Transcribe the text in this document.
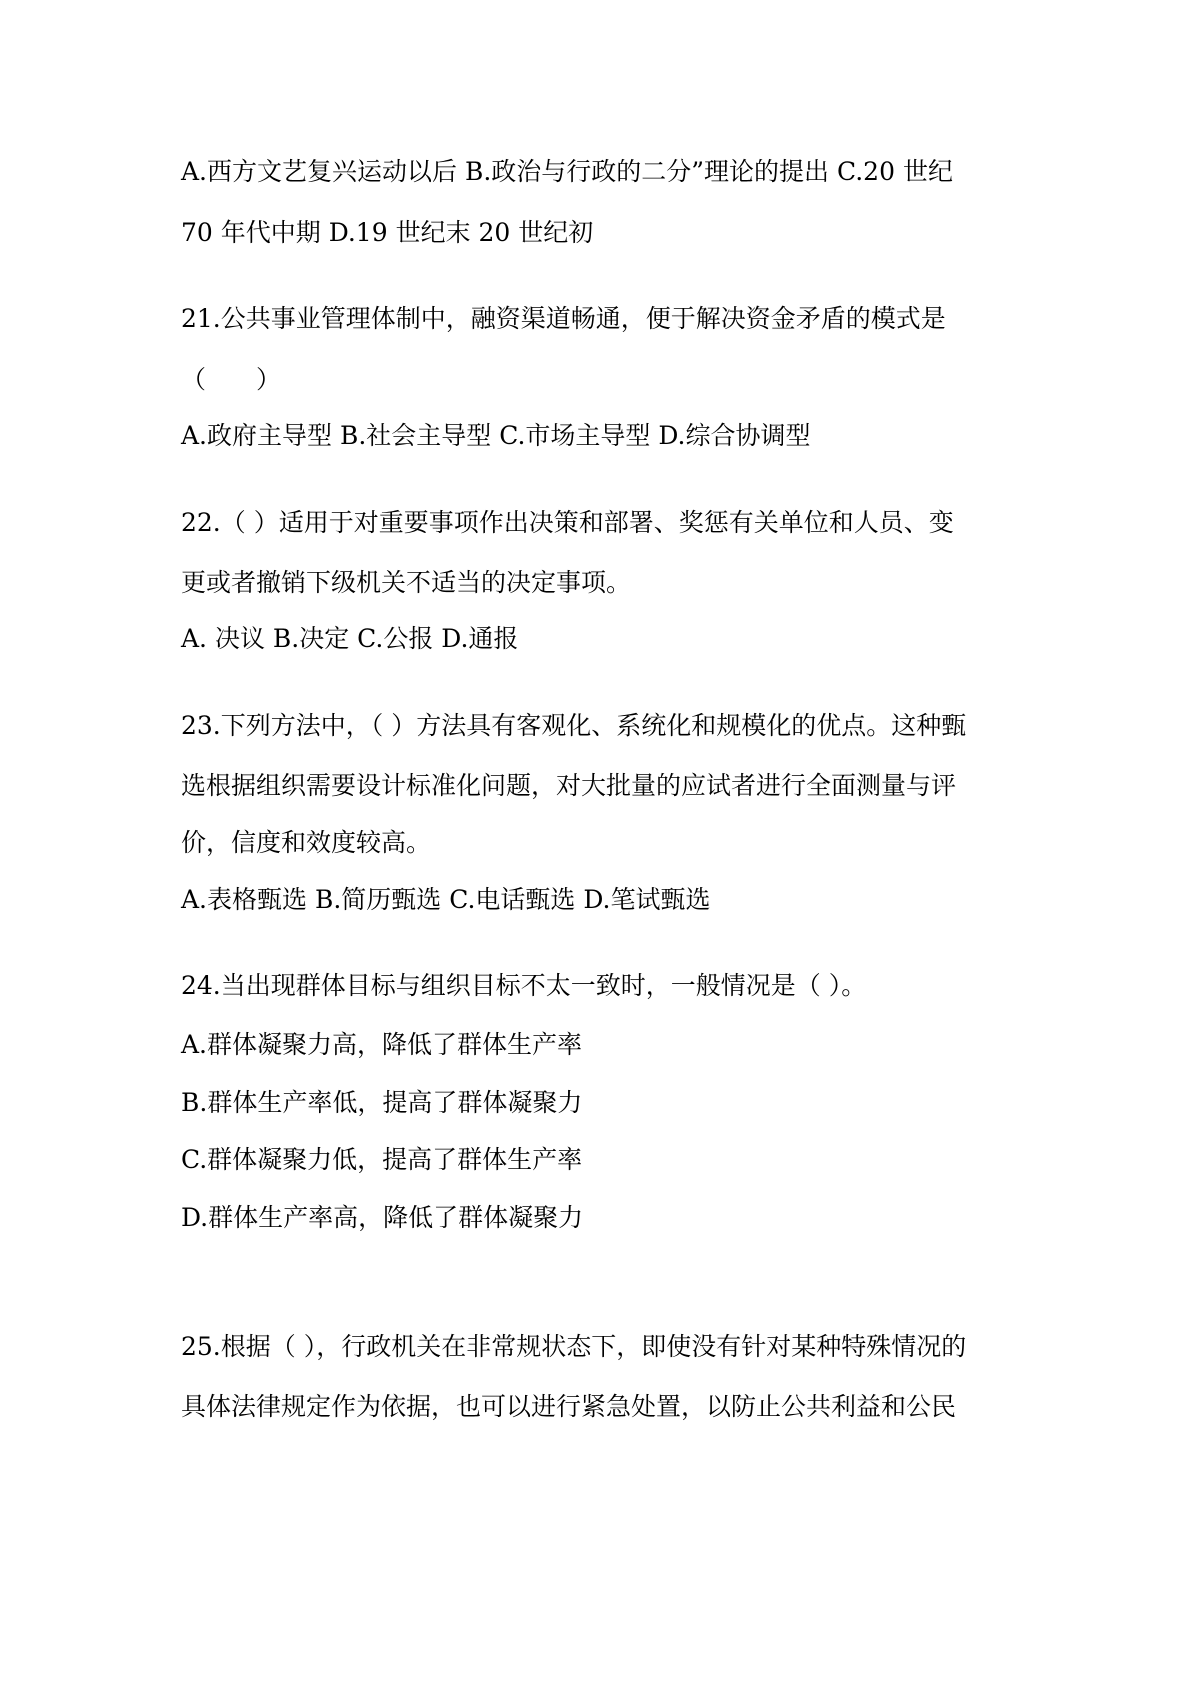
A.西方文艺复兴运动以后 B.政治与行政的二分”理论的提出 C.20 世纪
70 年代中期 D.19 世纪末 20 世纪初
21.公共事业管理体制中，融资渠道畅通，便于解决资金矛盾的模式是
（　　）
A.政府主导型 B.社会主导型 C.市场主导型 D.综合协调型
22.（ ）适用于对重要事项作出决策和部署、奖惩有关单位和人员、变
更或者撤销下级机关不适当的决定事项。
A. 决议 B.决定 C.公报 D.通报
23.下列方法中，（ ）方法具有客观化、系统化和规模化的优点。这种甄
选根据组织需要设计标准化问题，对大批量的应试者进行全面测量与评
价，信度和效度较高。
A.表格甄选 B.简历甄选 C.电话甄选 D.笔试甄选
24.当出现群体目标与组织目标不太一致时，一般情况是（ ）。
A.群体凝聚力高，降低了群体生产率
B.群体生产率低，提高了群体凝聚力
C.群体凝聚力低，提高了群体生产率
D.群体生产率高，降低了群体凝聚力
25.根据（ ），行政机关在非常规状态下，即使没有针对某种特殊情况的
具体法律规定作为依据，也可以进行紧急处置，以防止公共利益和公民
